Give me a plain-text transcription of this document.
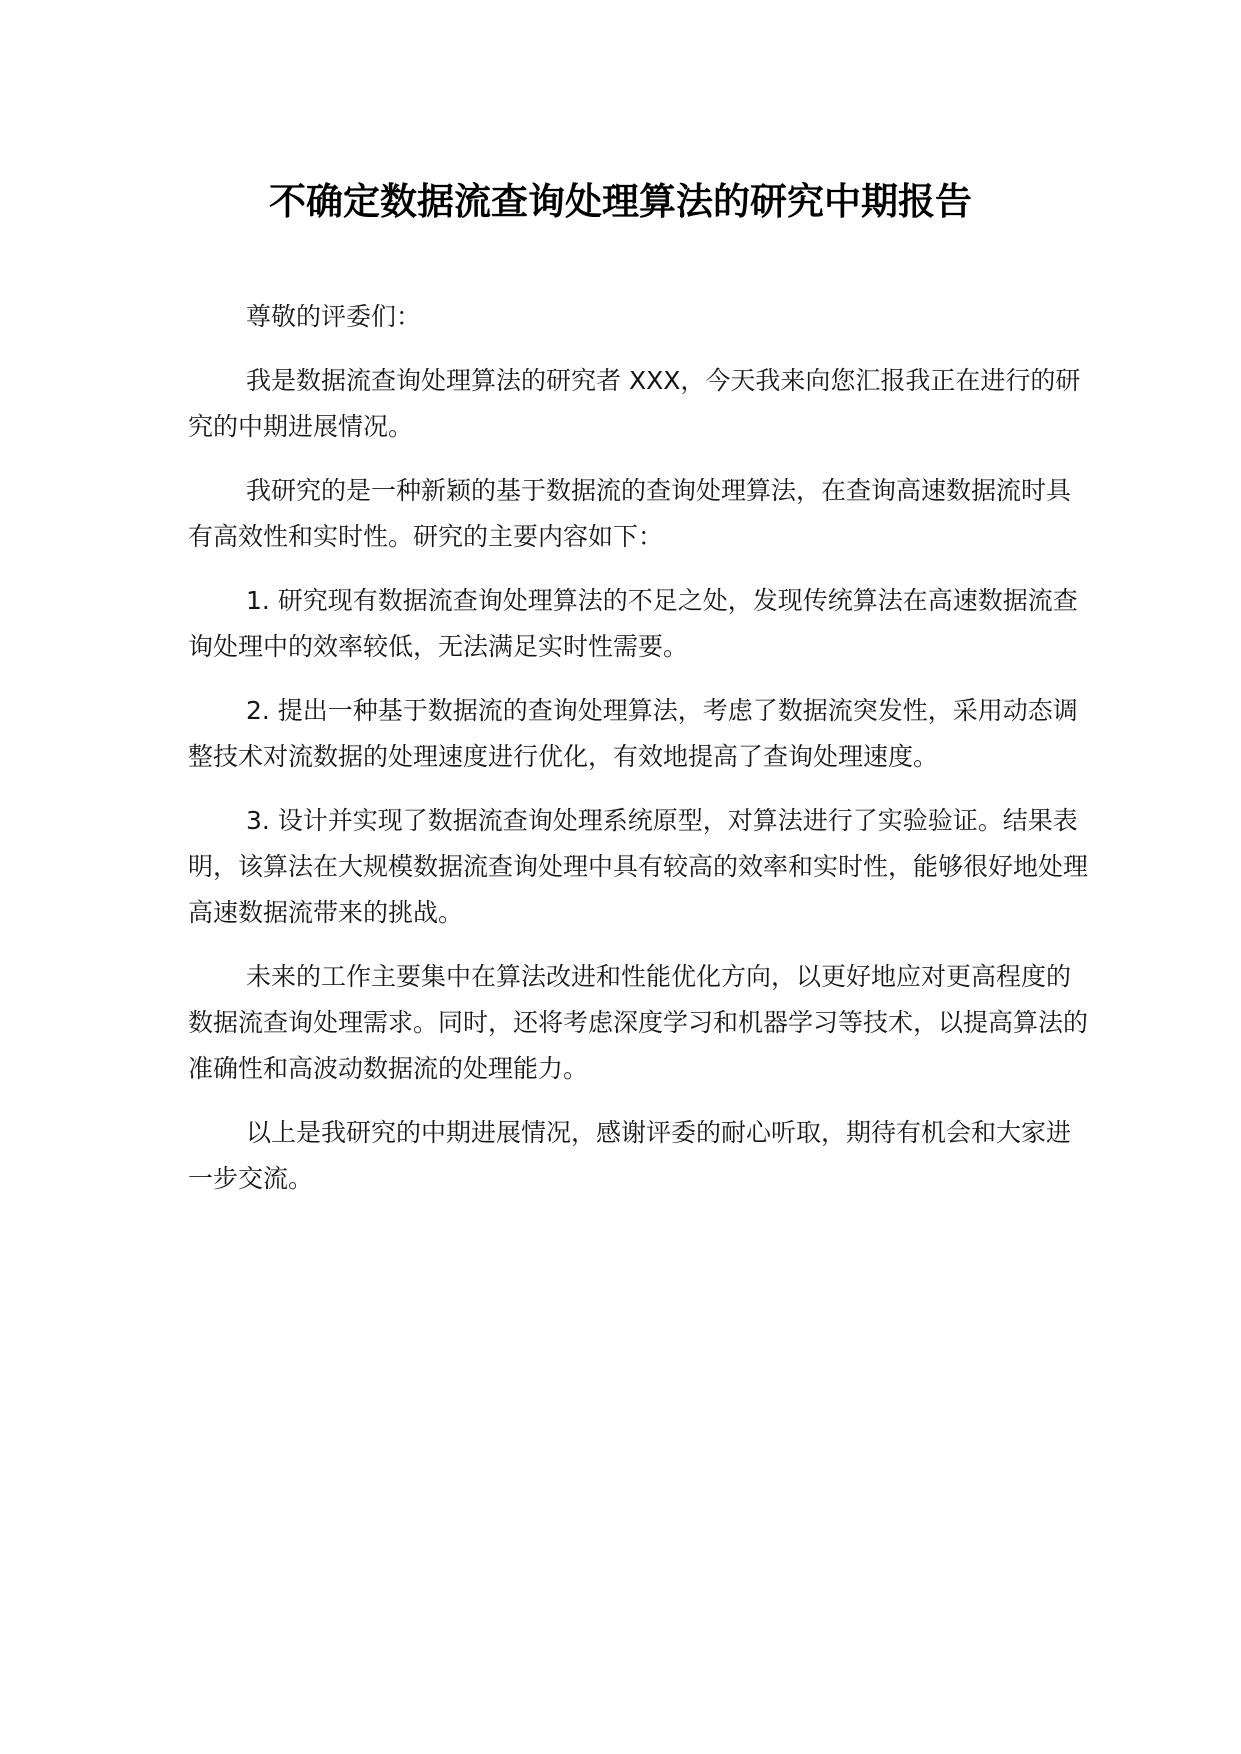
不确定数据流查询处理算法的研究中期报告

尊敬的评委们：

我是数据流查询处理算法的研究者 XXX，今天我来向您汇报我正在进行的研究的中期进展情况。

我研究的是一种新颖的基于数据流的查询处理算法，在查询高速数据流时具有高效性和实时性。研究的主要内容如下：

1. 研究现有数据流查询处理算法的不足之处，发现传统算法在高速数据流查询处理中的效率较低，无法满足实时性需要。

2. 提出一种基于数据流的查询处理算法，考虑了数据流突发性，采用动态调整技术对流数据的处理速度进行优化，有效地提高了查询处理速度。

3. 设计并实现了数据流查询处理系统原型，对算法进行了实验验证。结果表明，该算法在大规模数据流查询处理中具有较高的效率和实时性，能够很好地处理高速数据流带来的挑战。

未来的工作主要集中在算法改进和性能优化方向，以更好地应对更高程度的数据流查询处理需求。同时，还将考虑深度学习和机器学习等技术，以提高算法的准确性和高波动数据流的处理能力。

以上是我研究的中期进展情况，感谢评委的耐心听取，期待有机会和大家进一步交流。
